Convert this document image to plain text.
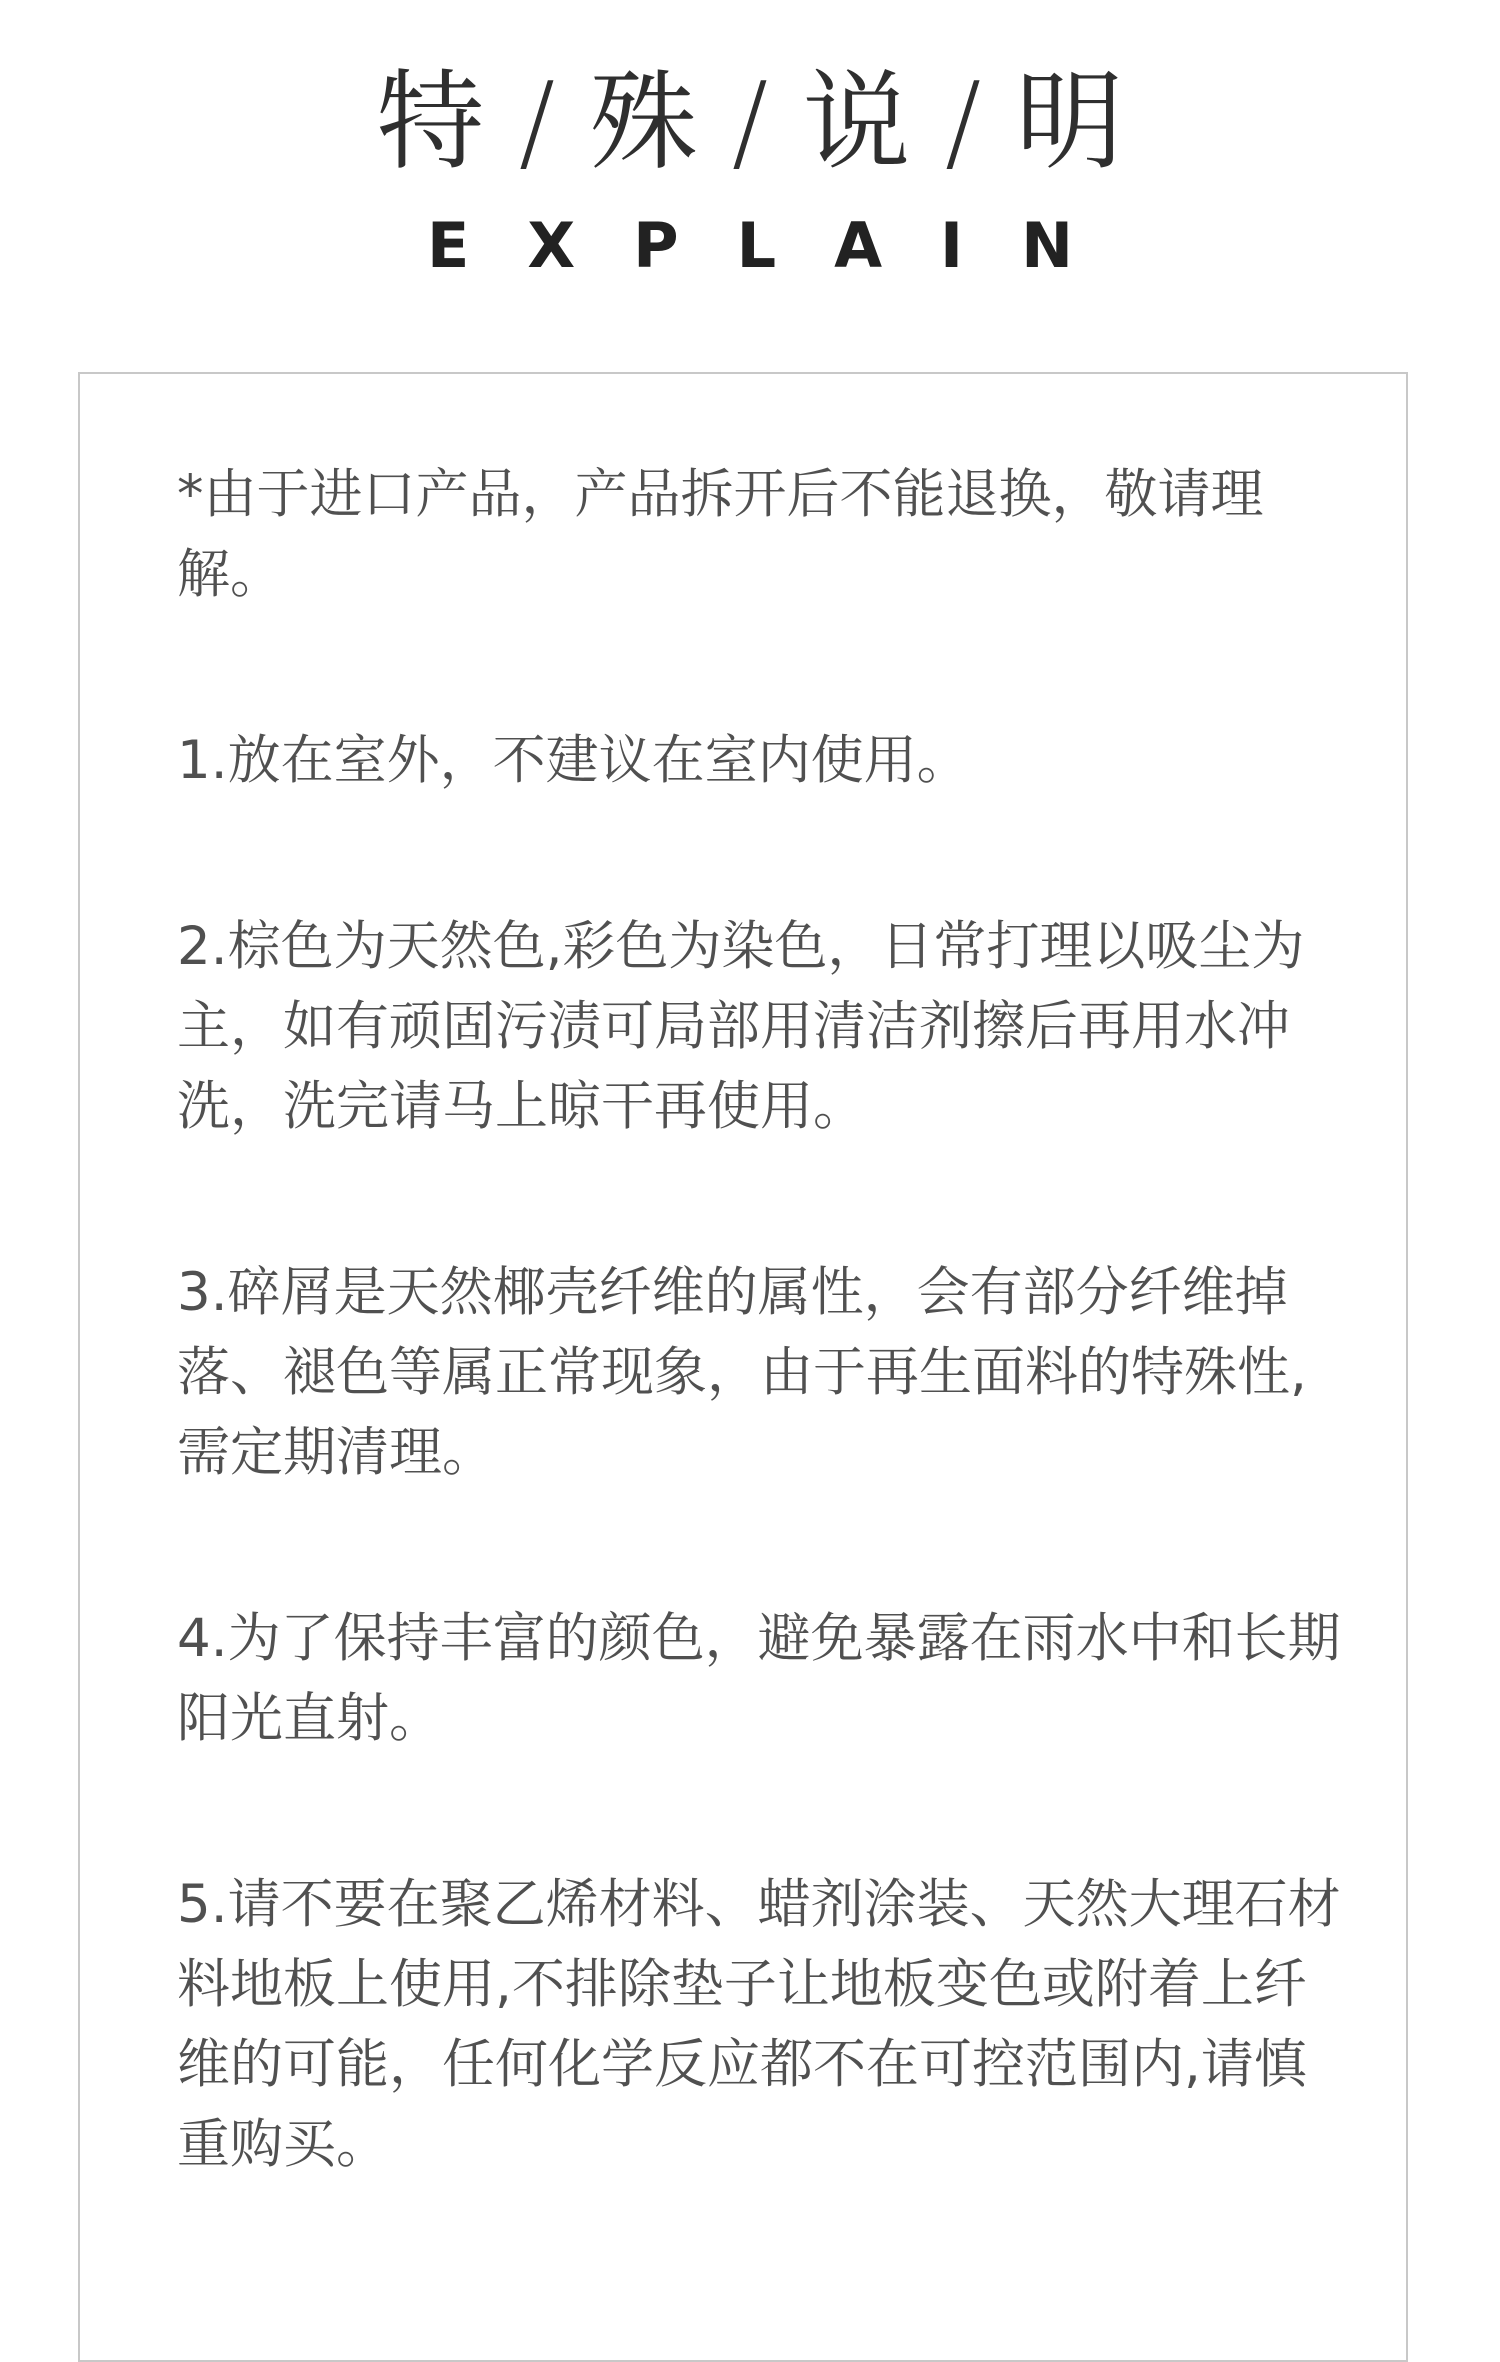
特 / 殊 / 说 / 明
EXPLAIN
*由于进口产品，产品拆开后不能退换，敬请理解。
1.放在室外，不建议在室内使用。
2.棕色为天然色,彩色为染色，日常打理以吸尘为主，如有顽固污渍可局部用清洁剂擦后再用水冲洗，洗完请马上晾干再使用。
3.碎屑是天然椰壳纤维的属性，会有部分纤维掉落、褪色等属正常现象，由于再生面料的特殊性,需定期清理。
4.为了保持丰富的颜色，避免暴露在雨水中和长期阳光直射。
5.请不要在聚乙烯材料、蜡剂涂装、天然大理石材料地板上使用,不排除垫子让地板变色或附着上纤维的可能，任何化学反应都不在可控范围内,请慎重购买。
